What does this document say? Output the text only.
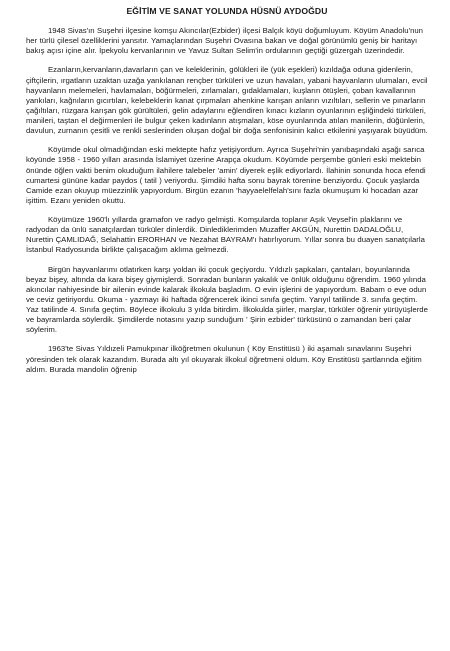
EĞİTİM VE SANAT YOLUNDA HÜSNÜ AYDOĞDU

1948 Sivas'ın Suşehri ilçesine komşu Akıncılar(Ezbider) ilçesi Balçık köyü doğumluyum. Köyüm Anadolu'nun her türlü çilesel özelliklerini yansıtır. Yamaçlarından Suşehri Ovasına bakan ve doğal görünümlü geniş bir haritayı bakış açısı içine alır. İpekyolu kervanlarının ve Yavuz Sultan Selim'in ordularının geçtiği güzergah üzerindedir.

Ezanların,kervanların,davarların çan ve keleklerinin, gölükleri ile (yük eşekleri) kızıldağa oduna gidenlerin, çiftçilerin, ırgatların uzaktan uzağa yankılanan rençber türküleri ve uzun havaları, yabani hayvanların ulumaları, evcil hayvanların melemeleri, havlamaları, böğürmeleri, zırlamaları, gıdaklamaları, kuşların ötüşleri, çoban kavallarının yankıları, kağnıların gıcırtıları, kelebeklerin kanat çırpmaları ahenkine karışan arıların vızıltıları, sellerin ve pınarların çağıltıları, rüzgara karışan gök gürültüleri, gelin adaylarını eğlendiren kınacı kızların oyunlarının eşliğindeki türküleri, manileri, taştan el değirmenleri ile bulgur çeken kadınların atışmaları, köse oyunlarında atılan manilerin, düğünlerin, davulun, zurnanın çesitli ve renkli seslerinden oluşan doğal bir doğa senfonisinin kalıcı etkilerini yaşıyarak büyüdüm.

Köyümde okul olmadığından eski mektepte hafız yetişiyordum. Ayrıca Suşehri'nin yanıbaşındaki aşağı sarıca köyünde 1958 - 1960 yılları arasında İslamiyet üzerine Arapça okudum. Köyümde perşembe günleri eski mektebin önünde öğlen vakti benim okuduğum ilahilere talebeler 'amin' diyerek eşlik ediyorlardı. İlahinin sonunda hoca efendi cumartesi gününe kadar paydos ( tatil ) veriyordu. Şimdiki hafta sonu bayrak törenine benziyordu. Çocuk yaşlarda Camide ezan okuyup müezzinlik yapıyordum. Birgün ezanın 'hayyaelelfelah'sını fazla okumuşum ki hocadan azar işittim. Ezanı yeniden okuttu.

Köyümüze 1960'lı yıllarda gramafon ve radyo gelmişti. Komşularda toplanır Aşık Veysel'in plaklarını ve radyodan da ünlü sanatçılardan türküler dinlerdik. Dinlediklerimden Muzaffer AKGÜN, Nurettin DADALOĞLU, Nurettin ÇAMLIDAĞ, Selahattin ERORHAN ve Nezahat BAYRAM'ı hatırlıyorum. Yıllar sonra bu duayen sanatçılarla İstanbul Radyosunda birlikte çalışacağım aklıma gelmezdi.

Birgün hayvanlarımı otlatırken karşı yoldan iki çocuk geçiyordu. Yıldızlı şapkaları, çantaları, boyunlarında beyaz bişey, altında da kara bişey giymişlerdi. Sonradan bunların yakalık ve önlük olduğunu öğrendim. 1960 yılında akıncılar nahiyesinde bir ailenin evinde kalarak ilkokula başladım. O evin işlerini de yapıyordum. Babam o eve odun ve ceviz getiriyordu. Okuma - yazmayı iki haftada öğrencerek ikinci sınıfa geçtim. Yarıyıl tatilinde 3. sınıfa geçtim. Yaz tatilinde 4. Sınıfa geçtim. Böylece ilkokulu 3 yılda bitirdim. İlkokulda şiirler, marşlar, türküler öğrenir yürüyüşlerde ve bayramlarda söylerdik. Şimdilerde notasını yazıp sunduğum ' Şirin ezbider' türküsünü o zamandan beri çalar söylerim.

1963'te Sivas Yıldızeli Pamukpınar ilköğretmen okulunun ( Köy Enstitüsü ) iki aşamalı sınavlarını Suşehri yöresinden tek olarak kazandım. Burada altı yıl okuyarak ilkokul öğretmeni oldum. Köy Enstitüsü şartlarında eğitim aldım. Burada mandolin öğrenip
